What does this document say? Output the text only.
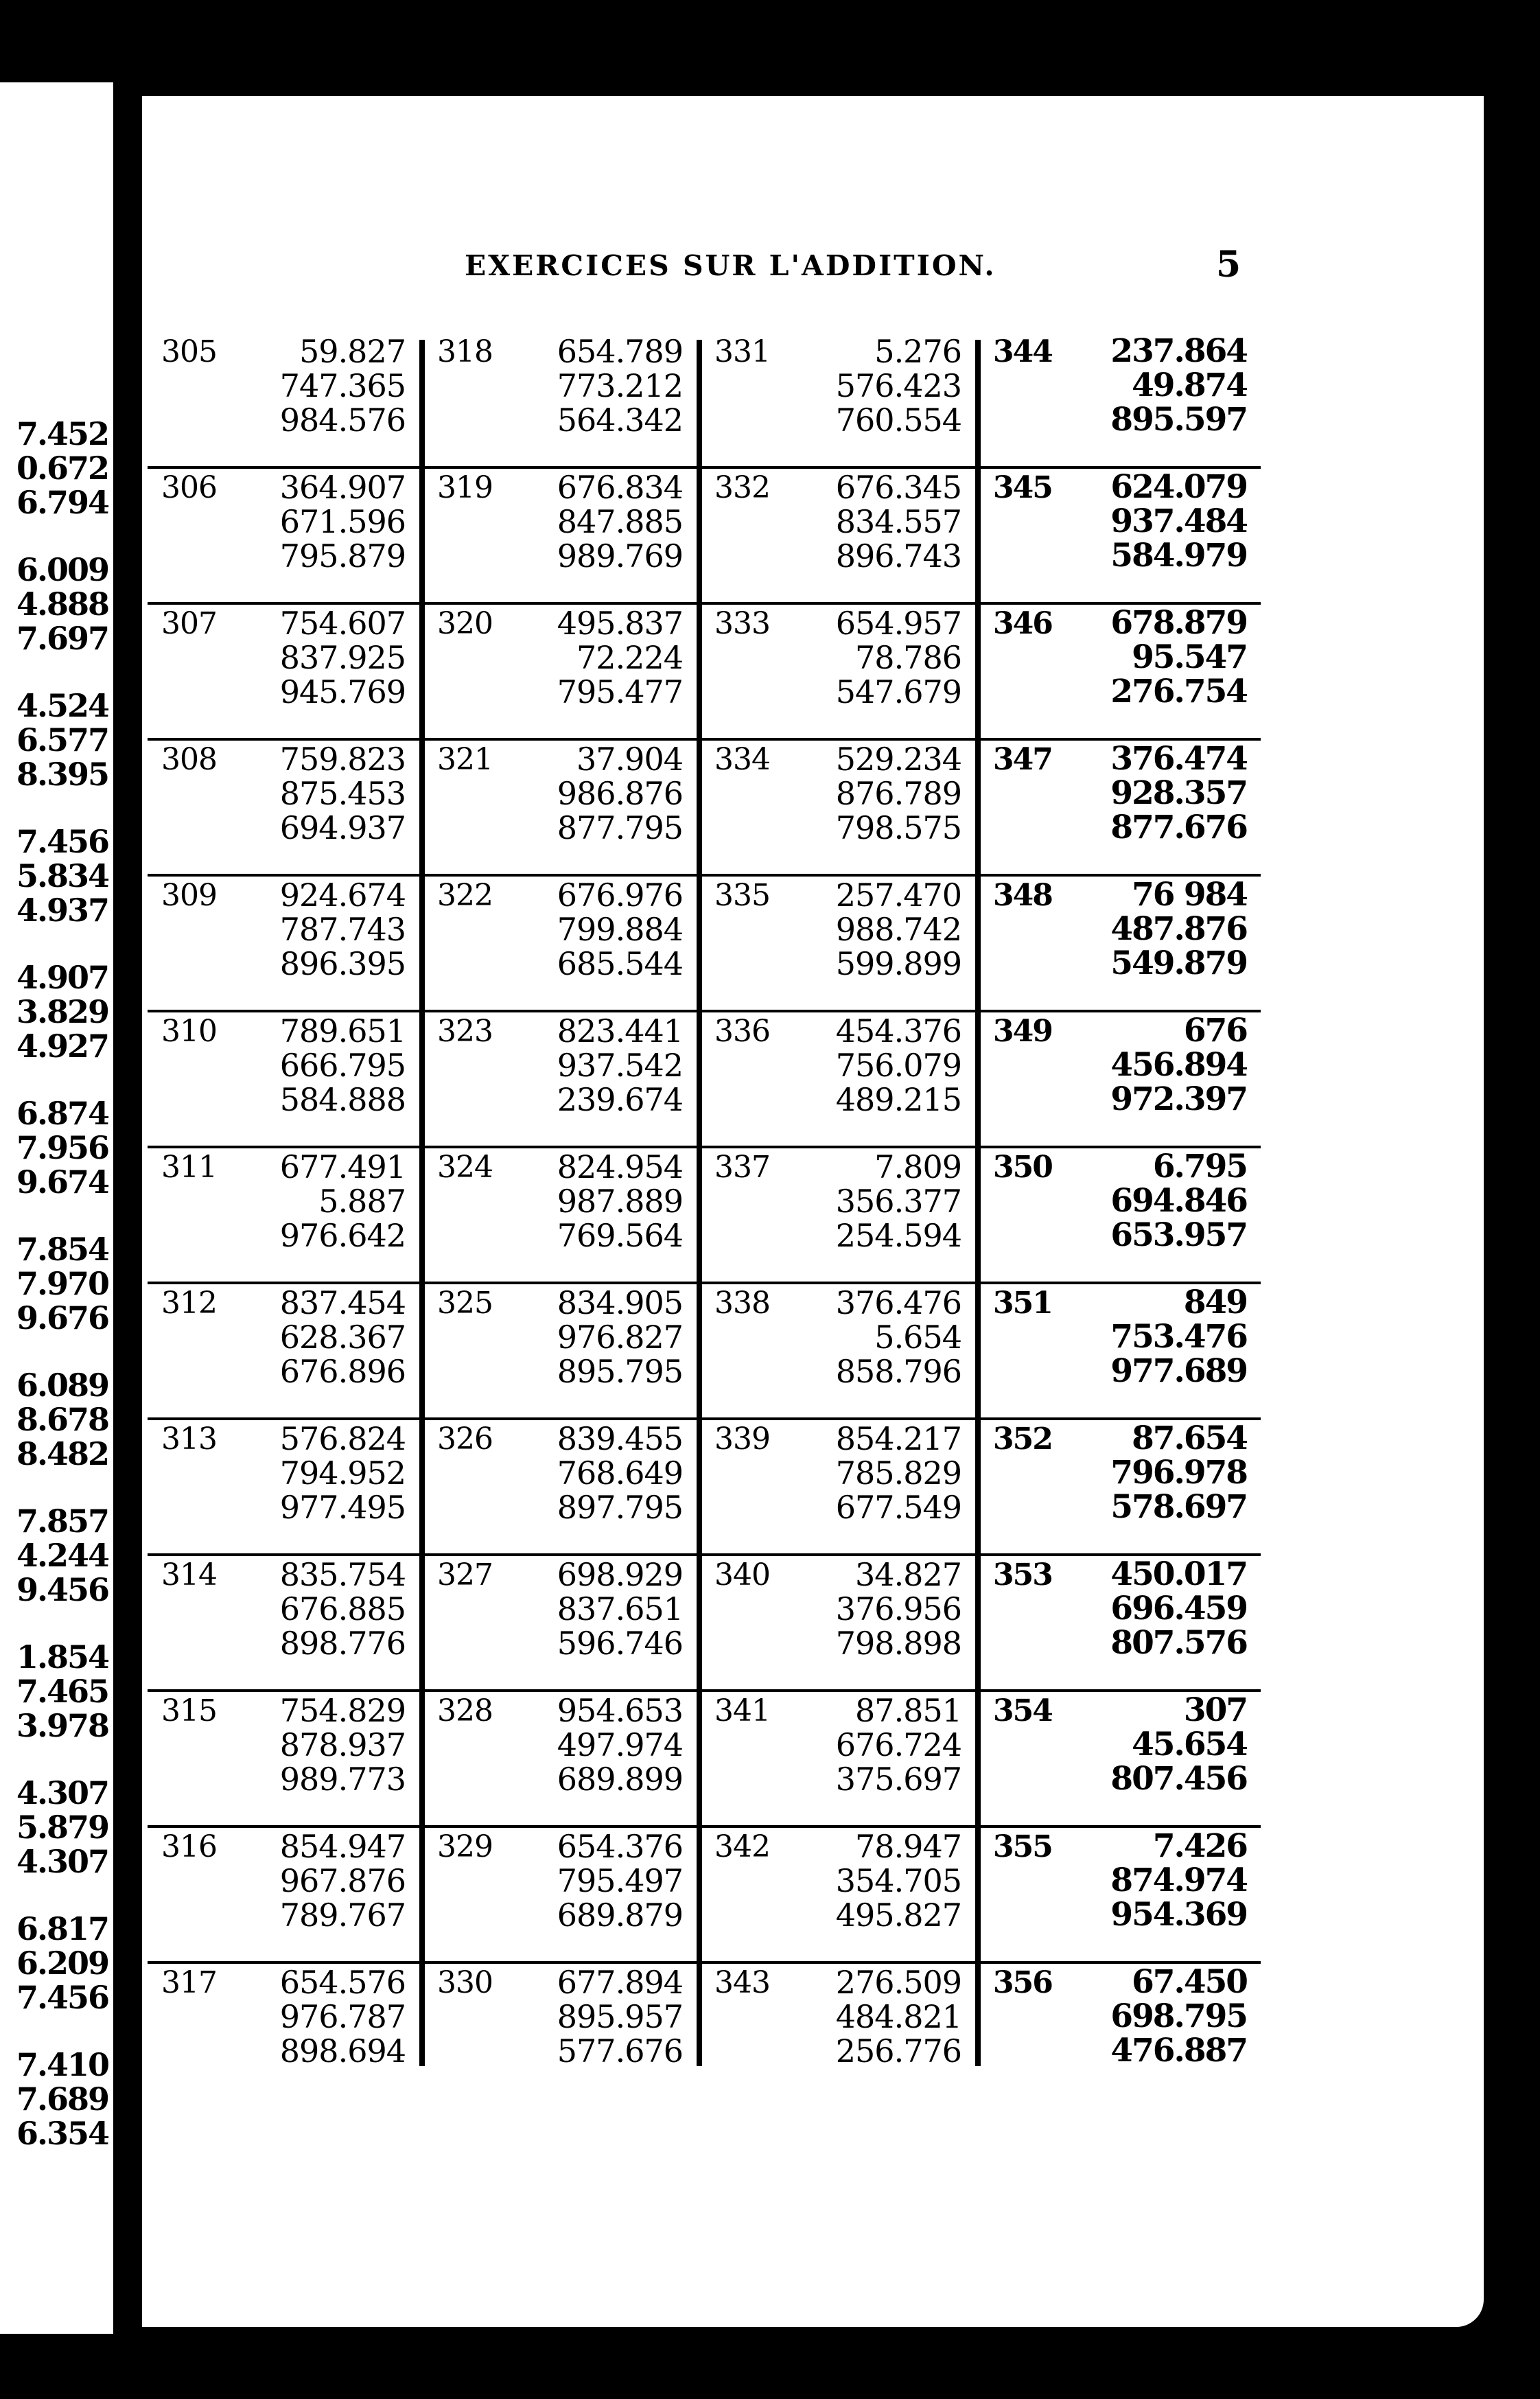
7.452
0.672
6.794
6.009
4.888
7.697
4.524
6.577
8.395
7.456
5.834
4.937
4.907
3.829
4.927
6.874
7.956
9.674
7.854
7.970
9.676
6.089
8.678
8.482
7.857
4.244
9.456
1.854
7.465
3.978
4.307
5.879
4.307
6.817
6.209
7.456
7.410
7.689
6.354
EXERCICES SUR L'ADDITION.	5
305	59.827
747.365
984.576
306 364.907
671.596
795.879
307 754.607
837.925
945.769
308 759.823
875.453
694.937
309 924.674
787.743
896.395
310 789.651
666.795
584.888
311 677.491
5.887
976.642
312 837.454
628.367
676.896
313 576.824
794.952
977.495
314 835.754
676.885
898.776
315 754.829
878.937
989.773
316 854.947
967.876
789.767
317 654.576
976.787
898.694
318 654.789
773.212
564.342
319 676.834
847.885
989.769
320 495.837
72.224
795.477
321	37.904
986.876
877.795
322 676.976
799.884
685.544
323 823.441
937.542
239.674
324 824.954
987.889
769.564
325 834.905
976.827
895.795
326 839.455
768.649
897.795
327 698.929
837.651
596.746
328 954.653
497.974
689.899
329 654.376
795.497
689.879
330 677.894
895.957
577.676
331	5.276
576.423
760.554
332 676.345
834.557
896.743
333 654.957
78.786
547.679
334 529.234
876.789
798.575
335 257.470
988.742
599.899
336 454.376
756.079
489.215
337	7.809
356.377
254.594
338 376.476
5.654
858.796
339 854.217
785.829
677.549
340	34.827
376.956
798.898
341	87.851
676.724
375.697
342	78.947
354.705
495.827
343 276.509
484.821
256.776
344 237.864
49.874
895.597
345 624.079
937.484
584.979
346 678.879
95.547
276.754
347 376.474
928.357
877.676
348	76 984
487.876
549.879
349	676
456.894
972.397
350	6.795
694.846
653.957
351	849
753.476
977.689
352	87.654
796.978
578.697
353 450.017
696.459
807.576
354	307
45.654
807.456
355	7.426
874.974
954.369
356	67.450
698.795
476.887
